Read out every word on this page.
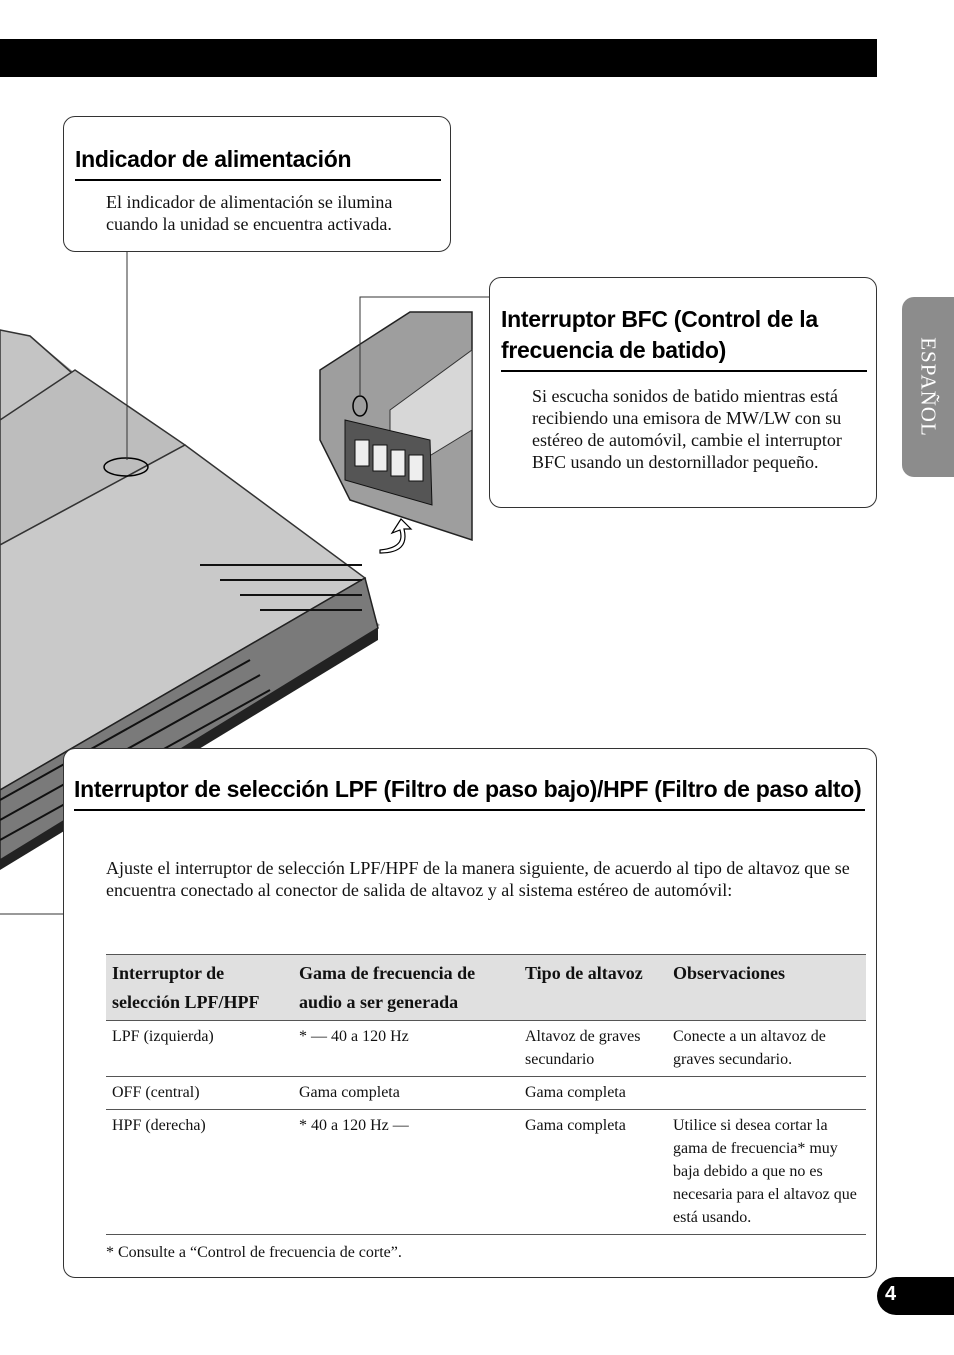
Indicador de alimentación

El indicador de alimentación se ilumina cuando la unidad se encuentra activada.

Interruptor BFC (Control de la frecuencia de batido)

Si escucha sonidos de batido mientras está recibiendo una emisora de MW/LW con su estéreo de automóvil, cambie el interruptor BFC usando un destornillador pequeño.

ESPAÑOL
Interruptor de selección LPF (Filtro de paso bajo)/HPF (Filtro de paso alto)

Ajuste el interruptor de selección LPF/HPF de la manera siguiente, de acuerdo al tipo de altavoz que se encuentra conectado al conector de salida de altavoz y al sistema estéreo de automóvil:

Interruptor de selección LPF/HPF	Gama de frecuencia de audio a ser generada	Tipo de altavoz	Observaciones
LPF (izquierda)	* — 40 a 120 Hz	Altavoz de graves secundario	Conecte a un altavoz de graves secundario.
OFF (central)	Gama completa	Gama completa	
HPF (derecha)	* 40 a 120 Hz —	Gama completa	Utilice si desea cortar la gama de frecuencia* muy baja debido a que no es necesaria para el altavoz que está usando.
* Consulte a “Control de frecuencia de corte”.
4
